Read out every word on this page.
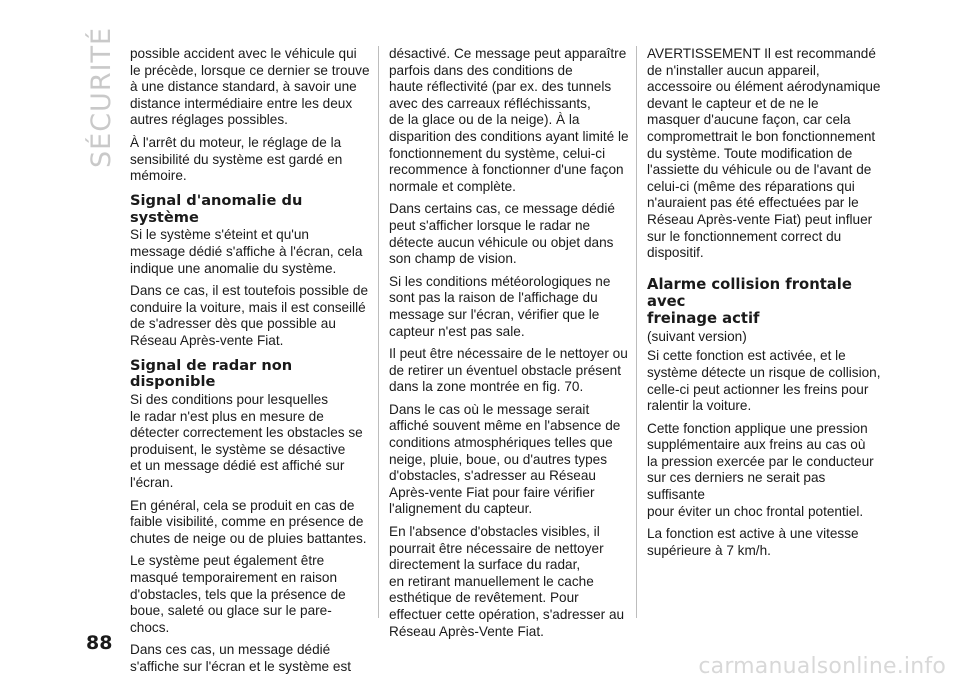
SÉCURITÉ possible accident avec le véhicule qui
le précède, lorsque ce dernier se trouve
à une distance standard, à savoir une
distance intermédiaire entre les deux
autres réglages possibles.

À l'arrêt du moteur, le réglage de la
sensibilité du système est gardé en
mémoire.

Signal d'anomalie du système

Si le système s'éteint et qu'un
message dédié s'affiche à l'écran, cela
indique une anomalie du système.

Dans ce cas, il est toutefois possible de
conduire la voiture, mais il est conseillé
de s'adresser dès que possible au
Réseau Après-vente Fiat.

Signal de radar non disponible

Si des conditions pour lesquelles
le radar n'est plus en mesure de
détecter correctement les obstacles se
produisent, le système se désactive
et un message dédié est affiché sur
l'écran.

En général, cela se produit en cas de
faible visibilité, comme en présence de
chutes de neige ou de pluies battantes.

Le système peut également être
masqué temporairement en raison
d'obstacles, tels que la présence de
boue, saleté ou glace sur le pare-
chocs.

Dans ces cas, un message dédié
s'affiche sur l'écran et le système est

désactivé. Ce message peut apparaître
parfois dans des conditions de
haute réflectivité (par ex. des tunnels
avec des carreaux réfléchissants,
de la glace ou de la neige). À la
disparition des conditions ayant limité le
fonctionnement du système, celui-ci
recommence à fonctionner d'une façon
normale et complète.

Dans certains cas, ce message dédié
peut s'afficher lorsque le radar ne
détecte aucun véhicule ou objet dans
son champ de vision.

Si les conditions météorologiques ne
sont pas la raison de l'affichage du
message sur l'écran, vérifier que le
capteur n'est pas sale.

Il peut être nécessaire de le nettoyer ou
de retirer un éventuel obstacle présent
dans la zone montrée en fig. 70.

Dans le cas où le message serait
affiché souvent même en l'absence de
conditions atmosphériques telles que
neige, pluie, boue, ou d'autres types
d'obstacles, s'adresser au Réseau
Après-vente Fiat pour faire vérifier
l'alignement du capteur.

En l'absence d'obstacles visibles, il
pourrait être nécessaire de nettoyer
directement la surface du radar,
en retirant manuellement le cache
esthétique de revêtement. Pour
effectuer cette opération, s'adresser au
Réseau Après-Vente Fiat.

AVERTISSEMENT Il est recommandé
de n'installer aucun appareil,
accessoire ou élément aérodynamique
devant le capteur et de ne le
masquer d'aucune façon, car cela
compromettrait le bon fonctionnement
du système. Toute modification de
l'assiette du véhicule ou de l'avant de
celui-ci (même des réparations qui
n'auraient pas été effectuées par le
Réseau Après-vente Fiat) peut influer
sur le fonctionnement correct du
dispositif.

Alarme collision frontale avec
freinage actif

(suivant version)

Si cette fonction est activée, et le
système détecte un risque de collision,
celle-ci peut actionner les freins pour
ralentir la voiture.

Cette fonction applique une pression
supplémentaire aux freins au cas où
la pression exercée par le conducteur
sur ces derniers ne serait pas suffisante
pour éviter un choc frontal potentiel.

La fonction est active à une vitesse
supérieure à 7 km/h.

88
carmanualsonline.info
